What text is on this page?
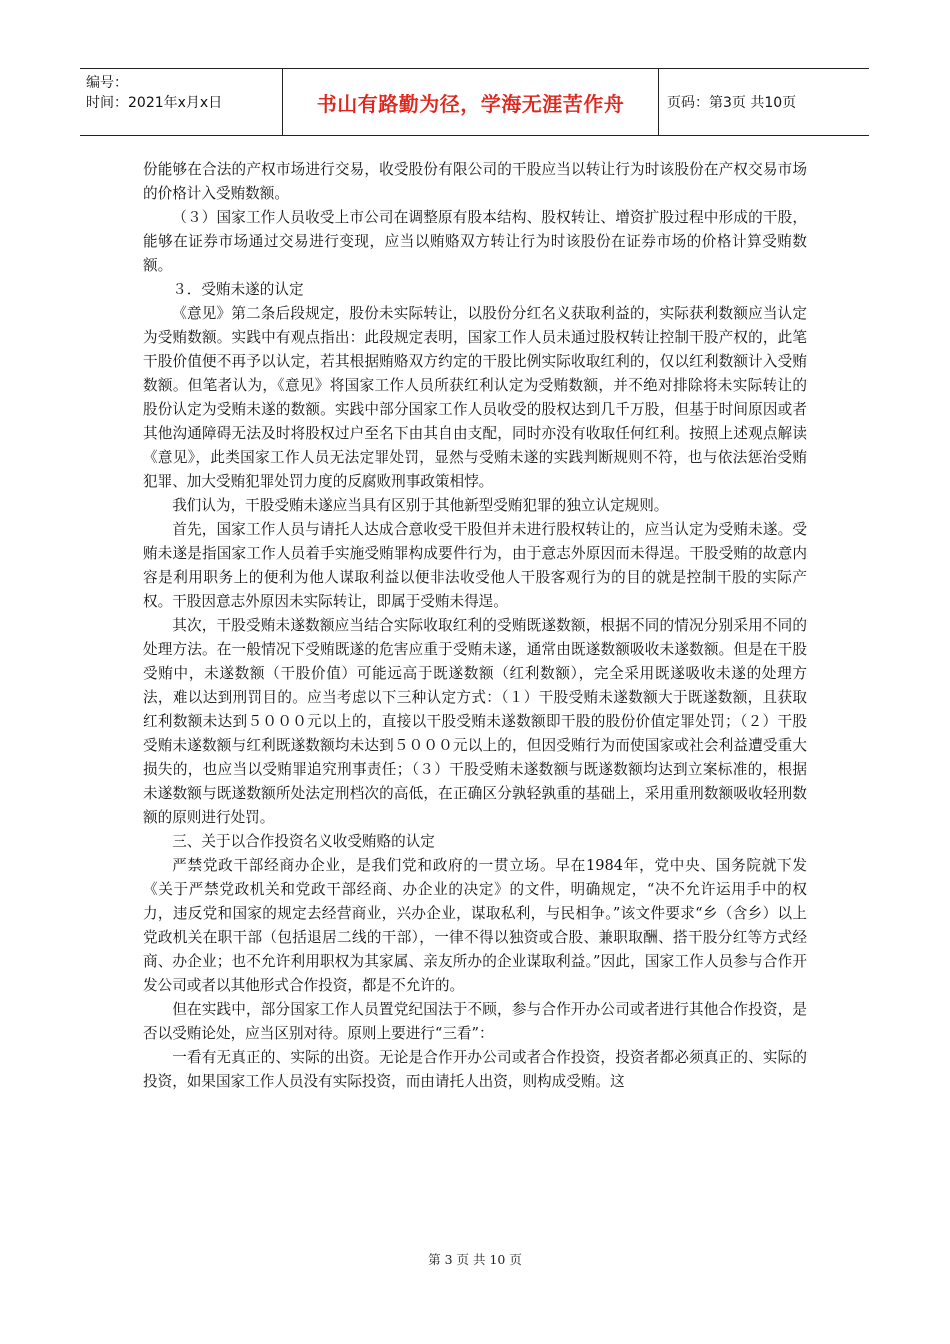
编号：
时间：2021年x月x日	书山有路勤为径，学海无涯苦作舟	页码：第3页 共10页

份能够在合法的产权市场进行交易，收受股份有限公司的干股应当以转让行为时该股份在产权交易市场的价格计入受贿数额。

（３）国家工作人员收受上市公司在调整原有股本结构、股权转让、增资扩股过程中形成的干股，能够在证券市场通过交易进行变现，应当以贿赂双方转让行为时该股份在证券市场的价格计算受贿数额。

３．受贿未遂的认定

《意见》第二条后段规定，股份未实际转让，以股份分红名义获取利益的，实际获利数额应当认定为受贿数额。实践中有观点指出：此段规定表明，国家工作人员未通过股权转让控制干股产权的，此笔干股价值便不再予以认定，若其根据贿赂双方约定的干股比例实际收取红利的，仅以红利数额计入受贿数额。但笔者认为，《意见》将国家工作人员所获红利认定为受贿数额，并不绝对排除将未实际转让的股份认定为受贿未遂的数额。实践中部分国家工作人员收受的股权达到几千万股，但基于时间原因或者其他沟通障碍无法及时将股权过户至名下由其自由支配，同时亦没有收取任何红利。按照上述观点解读《意见》，此类国家工作人员无法定罪处罚，显然与受贿未遂的实践判断规则不符，也与依法惩治受贿犯罪、加大受贿犯罪处罚力度的反腐败刑事政策相悖。

我们认为，干股受贿未遂应当具有区别于其他新型受贿犯罪的独立认定规则。

首先，国家工作人员与请托人达成合意收受干股但并未进行股权转让的，应当认定为受贿未遂。受贿未遂是指国家工作人员着手实施受贿罪构成要件行为，由于意志外原因而未得逞。干股受贿的故意内容是利用职务上的便利为他人谋取利益以便非法收受他人干股客观行为的目的就是控制干股的实际产权。干股因意志外原因未实际转让，即属于受贿未得逞。

其次，干股受贿未遂数额应当结合实际收取红利的受贿既遂数额，根据不同的情况分别采用不同的处理方法。在一般情况下受贿既遂的危害应重于受贿未遂，通常由既遂数额吸收未遂数额。但是在干股受贿中，未遂数额（干股价值）可能远高于既遂数额（红利数额），完全采用既遂吸收未遂的处理方法，难以达到刑罚目的。应当考虑以下三种认定方式：（１）干股受贿未遂数额大于既遂数额，且获取红利数额未达到５０００元以上的，直接以干股受贿未遂数额即干股的股份价值定罪处罚；（２）干股受贿未遂数额与红利既遂数额均未达到５０００元以上的，但因受贿行为而使国家或社会利益遭受重大损失的，也应当以受贿罪追究刑事责任；（３）干股受贿未遂数额与既遂数额均达到立案标准的，根据未遂数额与既遂数额所处法定刑档次的高低，在正确区分孰轻孰重的基础上，采用重刑数额吸收轻刑数额的原则进行处罚。

三、关于以合作投资名义收受贿赂的认定

严禁党政干部经商办企业，是我们党和政府的一贯立场。早在1984年，党中央、国务院就下发《关于严禁党政机关和党政干部经商、办企业的决定》的文件，明确规定，“决不允许运用手中的权力，违反党和国家的规定去经营商业，兴办企业，谋取私利，与民相争。”该文件要求“乡（含乡）以上党政机关在职干部（包括退居二线的干部），一律不得以独资或合股、兼职取酬、搭干股分红等方式经商、办企业；也不允许利用职权为其家属、亲友所办的企业谋取利益。”因此，国家工作人员参与合作开发公司或者以其他形式合作投资，都是不允许的。

但在实践中，部分国家工作人员置党纪国法于不顾，参与合作开办公司或者进行其他合作投资，是否以受贿论处，应当区别对待。原则上要进行“三看”：

一看有无真正的、实际的出资。无论是合作开办公司或者合作投资，投资者都必须真正的、实际的投资，如果国家工作人员没有实际投资，而由请托人出资，则构成受贿。这

第 3 页 共 10 页
